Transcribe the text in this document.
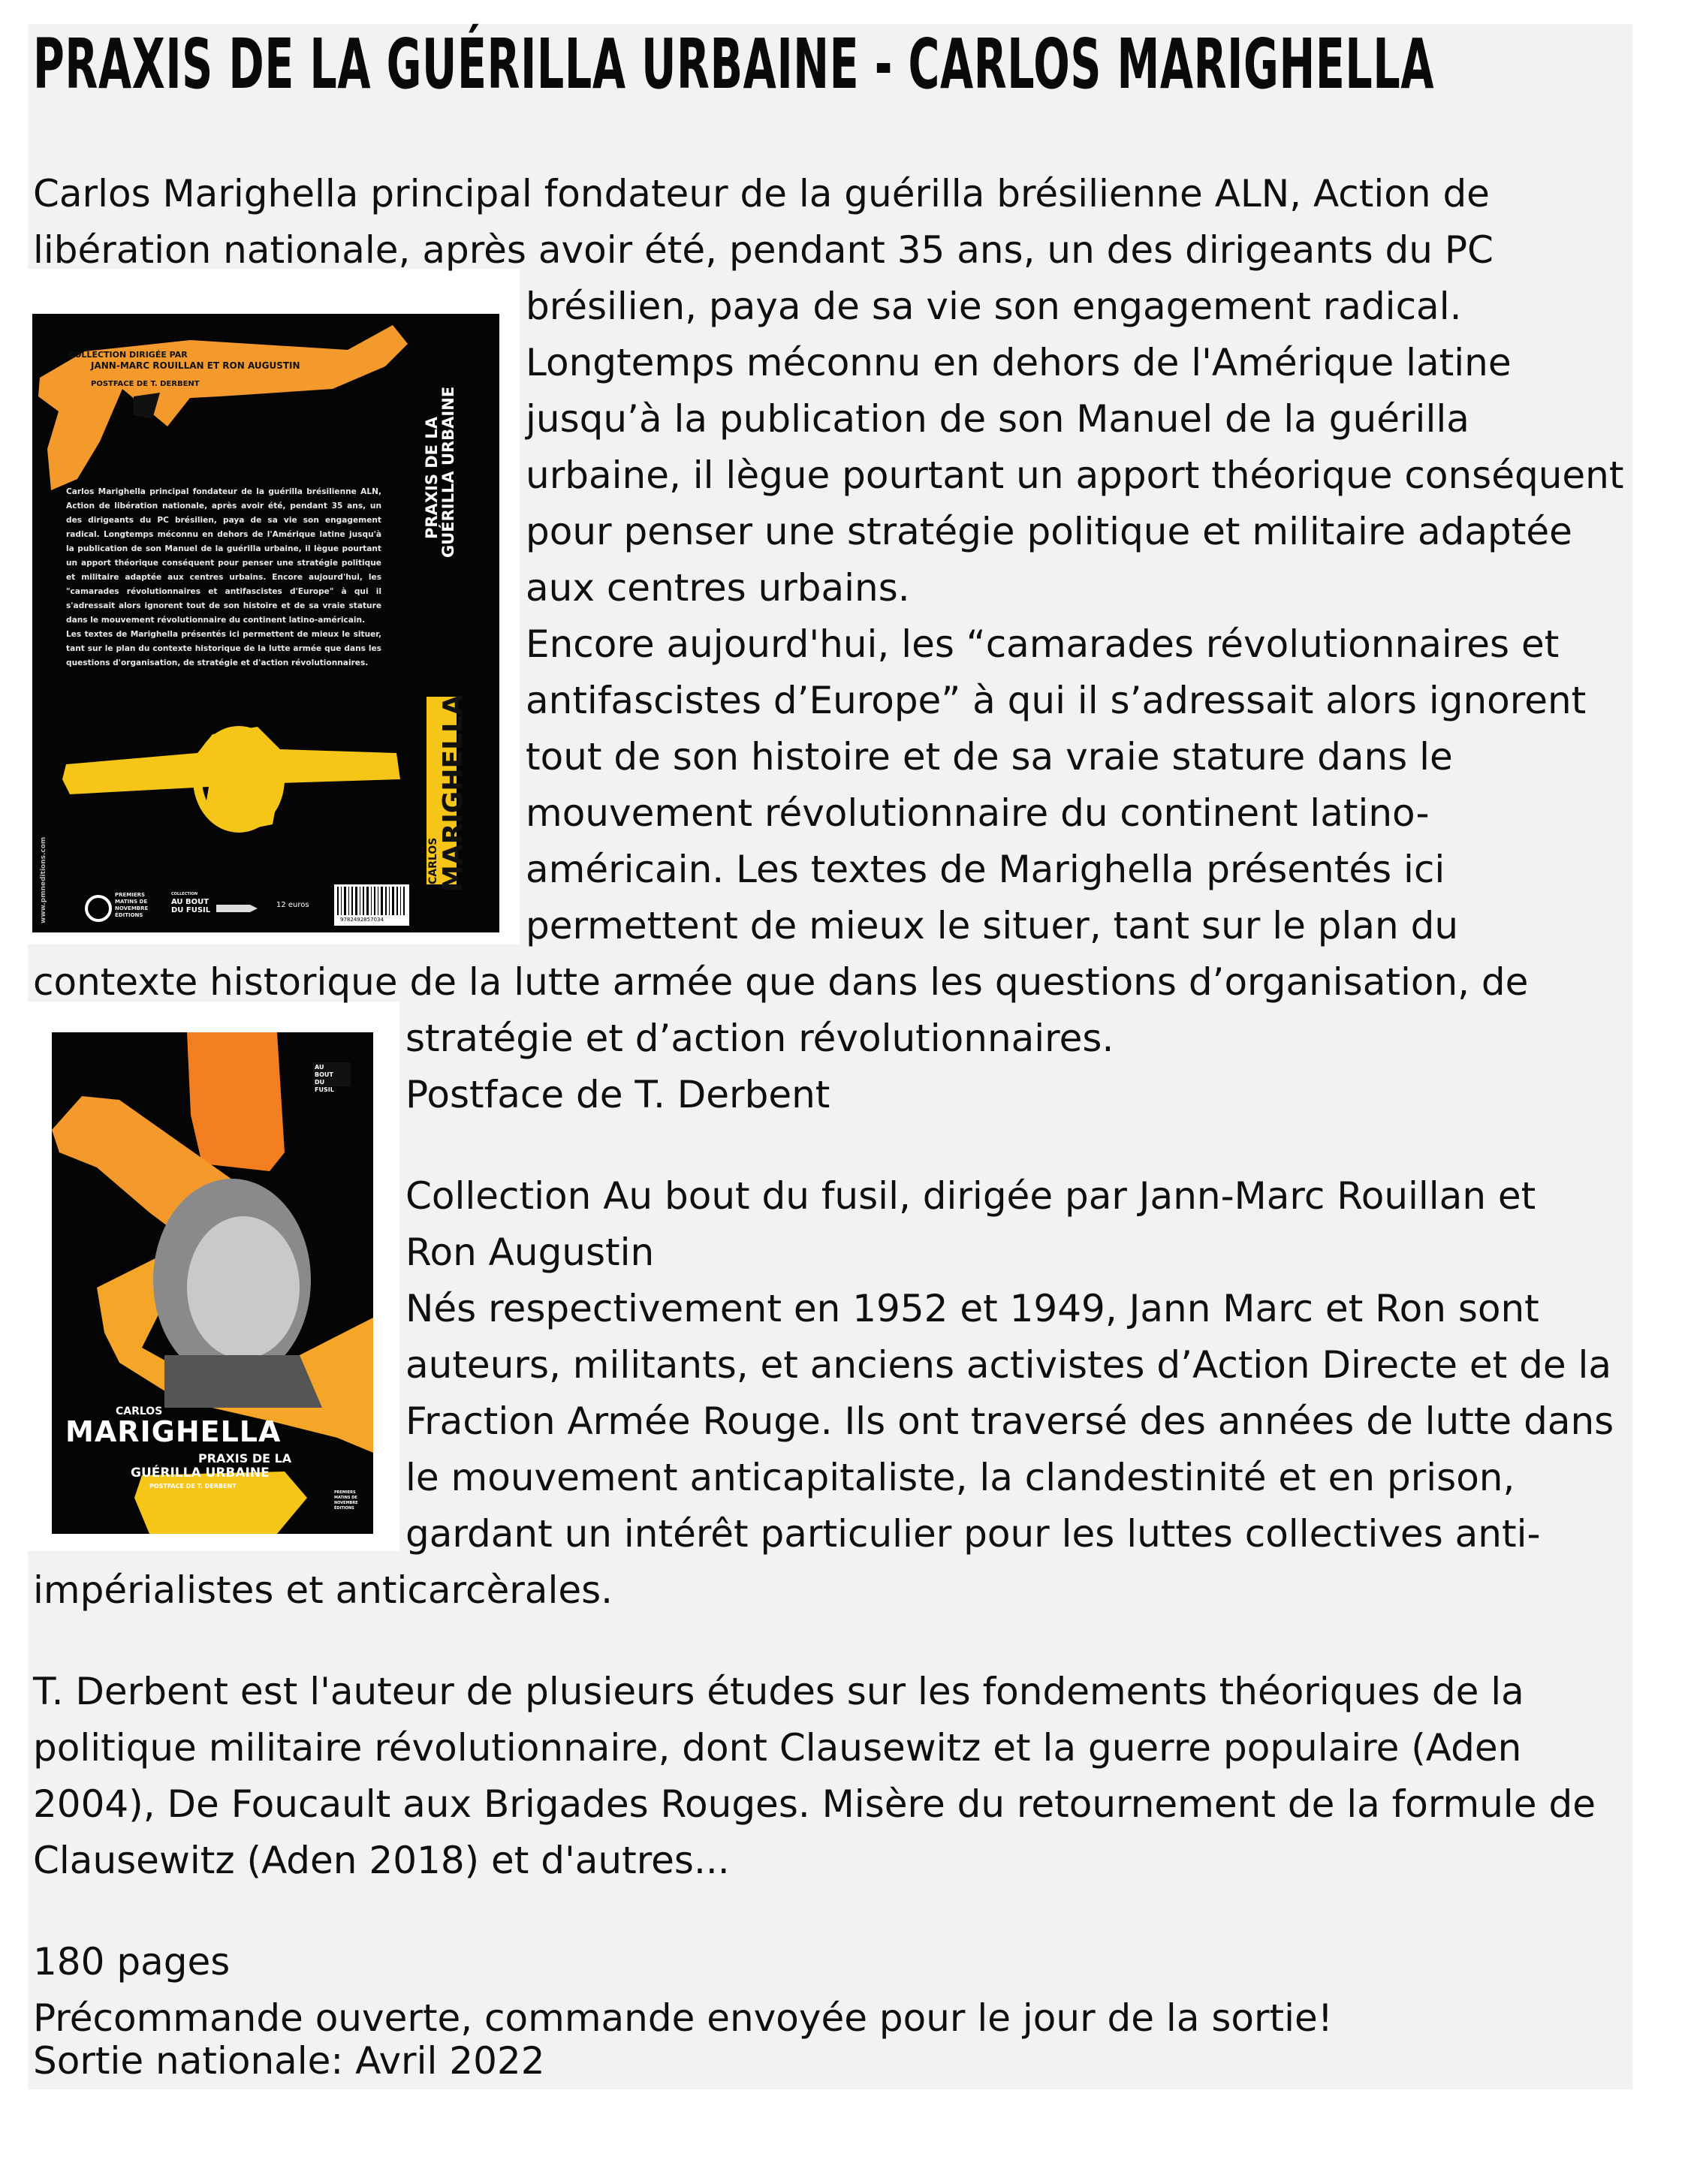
PRAXIS DE LA GUÉRILLA URBAINE - CARLOS MARIGHELLA
COLLECTION DIRIGÉE PAR
JANN-MARC ROUILLAN ET RON AUGUSTIN
POSTFACE DE T. DERBENT
Carlos Marighella principal fondateur de la guérilla brésilienne ALN, Action de libération nationale, après avoir été, pendant 35 ans, un des dirigeants du PC brésilien, paya de sa vie son engagement radical. Longtemps méconnu en dehors de l'Amérique latine jusqu'à la publication de son Manuel de la guérilla urbaine, il lègue pourtant un apport théorique conséquent pour penser une stratégie politique et militaire adaptée aux centres urbains. Encore aujourd'hui, les "camarades révolutionnaires et antifascistes d'Europe" à qui il s'adressait alors ignorent tout de son histoire et de sa vraie stature dans le mouvement révolutionnaire du continent latino-américain.
Les textes de Marighella présentés ici permettent de mieux le situer, tant sur le plan du contexte historique de la lutte armée que dans les questions d'organisation, de stratégie et d'action révolutionnaires.
www.pmneditions.com	PREMIERS MATINS DE NOVEMBRE ÉDITIONS
COLLECTION
AU BOUT DU FUSIL
12 euros
9782492857034
PRAXIS DE LA
GUÉRILLA URBAINE
CARLOS
MARIGHELLA
AU BOUT DU FUSIL
CARLOS
MARIGHELLA
PRAXIS DE LA
GUÉRILLA URBAINE
POSTFACE DE T. DERBENT
PREMIERS MATINS DE NOVEMBRE ÉDITIONS

Carlos Marighella principal fondateur de la guérilla brésilienne ALN, Action de

libération nationale, après avoir été, pendant 35 ans, un des dirigeants du PC

brésilien, paya de sa vie son engagement radical.

Longtemps méconnu en dehors de l'Amérique latine

jusqu’à la publication de son Manuel de la guérilla

urbaine, il lègue pourtant un apport théorique conséquent

pour penser une stratégie politique et militaire adaptée

aux centres urbains.

Encore aujourd'hui, les “camarades révolutionnaires et

antifascistes d’Europe” à qui il s’adressait alors ignorent

tout de son histoire et de sa vraie stature dans le

mouvement révolutionnaire du continent latino-

américain. Les textes de Marighella présentés ici

permettent de mieux le situer, tant sur le plan du

contexte historique de la lutte armée que dans les questions d’organisation, de

stratégie et d’action révolutionnaires.

Postface de T. Derbent

Collection Au bout du fusil, dirigée par Jann-Marc Rouillan et

Ron Augustin

Nés respectivement en 1952 et 1949, Jann Marc et Ron sont

auteurs, militants, et anciens activistes d’Action Directe et de la

Fraction Armée Rouge. Ils ont traversé des années de lutte dans

le mouvement anticapitaliste, la clandestinité et en prison,

gardant un intérêt particulier pour les luttes collectives anti-

impérialistes et anticarcèrales.

T. Derbent est l'auteur de plusieurs études sur les fondements théoriques de la

politique militaire révolutionnaire, dont Clausewitz et la guerre populaire (Aden

2004), De Foucault aux Brigades Rouges. Misère du retournement de la formule de

Clausewitz (Aden 2018) et d'autres...

180 pages

Précommande ouverte, commande envoyée pour le jour de la sortie!

Sortie nationale: Avril 2022
